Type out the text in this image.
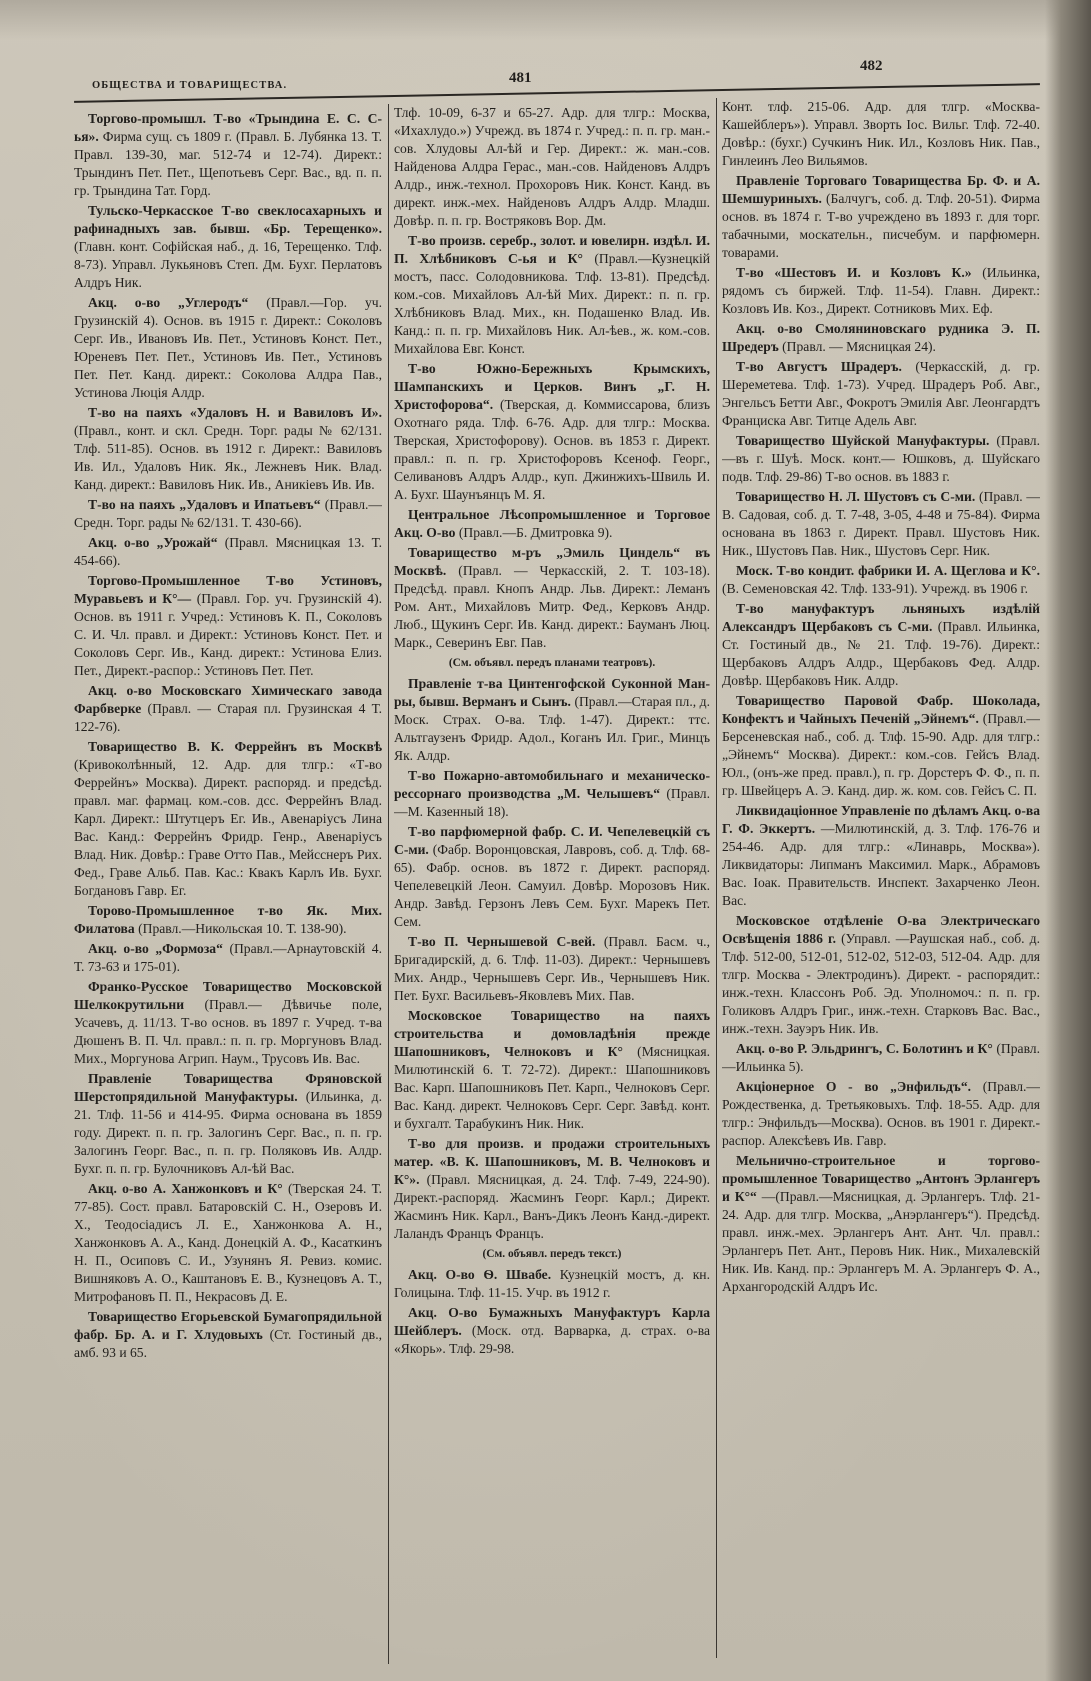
ОБЩЕСТВА И ТОВАРИЩЕСТВА.	481
482

Торгово-промышл. Т-во «Трындина Е. С. С-ья». Фирма сущ. съ 1809 г. (Правл. Б. Лубянка 13. Т. Правл. 139-30, маг. 512-74 и 12-74). Директ.: Трындинъ Пет. Пет., Щепотьевъ Серг. Вас., вд. п. п. гр. Трындина Тат. Горд.

Тульско-Черкасское Т-во свеклосахарныхъ и рафинадныхъ зав. бывш. «Бр. Терещенко». (Главн. конт. Софійская наб., д. 16, Терещенко. Тлф. 8-73). Управл. Лукьяновъ Степ. Дм. Бухг. Перлатовъ Алдръ Ник.

Акц. о-во „Углеродъ“ (Правл.—Гор. уч. Грузинскій 4). Основ. въ 1915 г. Директ.: Соколовъ Серг. Ив., Ивановъ Ив. Пет., Устиновъ Конст. Пет., Юреневъ Пет. Пет., Устиновъ Ив. Пет., Устиновъ Пет. Пет. Канд. директ.: Соколова Алдра Пав., Устинова Люція Алдр.

Т-во на паяхъ «Удаловъ Н. и Вавиловъ И». (Правл., конт. и скл. Средн. Торг. рады № 62/131. Тлф. 511-85). Основ. въ 1912 г. Директ.: Вавиловъ Ив. Ил., Удаловъ Ник. Як., Лежневъ Ник. Влад. Канд. директ.: Вавиловъ Ник. Ив., Аникіевъ Ив. Ив.

Т-во на паяхъ „Удаловъ и Ипатьевъ“ (Правл.—Средн. Торг. рады № 62/131. Т. 430-66).

Акц. о-во „Урожай“ (Правл. Мясницкая 13. Т. 454-66).

Торгово-Промышленное Т-во Устиновъ, Муравьевъ и К°— (Правл. Гор. уч. Грузинскій 4). Основ. въ 1911 г. Учред.: Устиновъ К. П., Соколовъ С. И. Чл. правл. и Директ.: Устиновъ Конст. Пет. и Соколовъ Серг. Ив., Канд. директ.: Устинова Елиз. Пет., Директ.-распор.: Устиновъ Пет. Пет.

Акц. о-во Московскаго Химическаго завода Фарбверке (Правл. — Старая пл. Грузинская 4 Т. 122-76).

Товарищество В. К. Феррейнъ въ Москвѣ (Кривоколѣнный, 12. Адр. для тлгр.: «Т-во Феррейнъ» Москва). Директ. распоряд. и предсѣд. правл. маг. фармац. ком.-сов. дсс. Феррейнъ Влад. Карл. Директ.: Штутцеръ Ег. Ив., Авенаріусъ Лина Вас. Канд.: Феррейнъ Фридр. Генр., Авенаріусъ Влад. Ник. Довѣр.: Граве Отто Пав., Мейсснеръ Рих. Фед., Граве Альб. Пав. Кас.: Квакъ Карлъ Ив. Бухг. Богдановъ Гавр. Ег.

Торово-Промышленное т-во Як. Мих. Филатова (Правл.—Никольская 10. Т. 138-90).

Акц. о-во „Формоза“ (Правл.—Арнаутовскій 4. Т. 73-63 и 175-01).

Франко-Русское Товарищество Московской Шелкокрутильни (Правл.— Дѣвичье поле, Усачевъ, д. 11/13. Т-во основ. въ 1897 г. Учред. т-ва Дюшенъ В. П. Чл. правл.: п. п. гр. Моргуновъ Влад. Мих., Моргунова Агрип. Наум., Трусовъ Ив. Вас.

Правленіе Товарищества Фряновской Шерстопрядильной Мануфактуры. (Ильинка, д. 21. Тлф. 11-56 и 414-95. Фирма основана въ 1859 году. Директ. п. п. гр. Залогинъ Серг. Вас., п. п. гр. Залогинъ Георг. Вас., п. п. гр. Поляковъ Ив. Алдр. Бухг. п. п. гр. Булочниковъ Ал-ѣй Вас.

Акц. о-во А. Ханжонковъ и К° (Тверская 24. Т. 77-85). Сост. правл. Батаровскій С. Н., Озеровъ И. Х., Теодосіадисъ Л. Е., Ханжонкова А. Н., Ханжонковъ А. А., Канд. Донецкій А. Ф., Касаткинъ Н. П., Осиповъ С. И., Узунянъ Я. Ревиз. комис. Вишняковъ А. О., Каштановъ Е. В., Кузнецовъ А. Т., Митрофановъ П. П., Некрасовъ Д. Е.

Товарищество Егорьевской Бумагопрядильной фабр. Бр. А. и Г. Хлудовыхъ (Ст. Гостиный дв., амб. 93 и 65.

Тлф. 10-09, 6-37 и 65-27. Адр. для тлгр.: Москва, «Ихахлудо.») Учрежд. въ 1874 г. Учред.: п. п. гр. ман.-сов. Хлудовы Ал-ѣй и Гер. Директ.: ж. ман.-сов. Найденова Алдра Герас., ман.-сов. Найденовъ Алдръ Алдр., инж.-технол. Прохоровъ Ник. Конст. Канд. въ директ. инж.-мех. Найденовъ Алдръ Алдр. Младш. Довѣр. п. п. гр. Востряковъ Вор. Дм.

Т-во произв. серебр., золот. и ювелирн. издѣл. И. П. Хлѣбниковъ С-ья и К° (Правл.—Кузнецкій мостъ, пасс. Солодовникова. Тлф. 13-81). Предсѣд. ком.-сов. Михайловъ Ал-ѣй Мих. Директ.: п. п. гр. Хлѣбниковъ Влад. Мих., кн. Подашенко Влад. Ив. Канд.: п. п. гр. Михайловъ Ник. Ал-ѣев., ж. ком.-сов. Михайлова Евг. Конст.

Т-во Южно-Бережныхъ Крымскихъ, Шампанскихъ и Церков. Винъ „Г. Н. Христофорова“. (Тверская, д. Коммиссарова, близъ Охотнаго ряда. Тлф. 6-76. Адр. для тлгр.: Москва. Тверская, Христофорову). Основ. въ 1853 г. Директ. правл.: п. п. гр. Христофоровъ Ксеноф. Георг., Селивановъ Алдръ Алдр., куп. Джинжихъ-Швиль И. А. Бухг. Шаунъянцъ М. Я.

Центральное Лѣсопромышленное и Торговое Акц. О-во (Правл.—Б. Дмитровка 9).

Товарищество м-ръ „Эмиль Циндель“ въ Москвѣ. (Правл. — Черкасскій, 2. Т. 103-18). Предсѣд. правл. Кнопъ Андр. Льв. Директ.: Леманъ Ром. Ант., Михайловъ Митр. Фед., Керковъ Андр. Люб., Щукинъ Серг. Ив. Канд. директ.: Бауманъ Люц. Марк., Северинъ Евг. Пав.

(См. объявл. передъ планами театровъ).

Правленіе т-ва Цинтенгофской Суконной Ман-ры, бывш. Верманъ и Сынъ. (Правл.—Старая пл., д. Моск. Страх. О-ва. Тлф. 1-47). Директ.: ттс. Альтгаузенъ Фридр. Адол., Коганъ Ил. Григ., Минцъ Як. Алдр.

Т-во Пожарно-автомобильнаго и механическо-рессорнаго производства „М. Челышевъ“ (Правл.—М. Казенный 18).

Т-во парфюмерной фабр. С. И. Чепелевецкій съ С-ми. (Фабр. Воронцовская, Лавровъ, соб. д. Тлф. 68-65). Фабр. основ. въ 1872 г. Директ. распоряд. Чепелевецкій Леон. Самуил. Довѣр. Морозовъ Ник. Андр. Завѣд. Герзонъ Левъ Сем. Бухг. Марекъ Пет. Сем.

Т-во П. Чернышевой С-вей. (Правл. Басм. ч., Бригадирскій, д. 6. Тлф. 11-03). Директ.: Чернышевъ Мих. Андр., Чернышевъ Серг. Ив., Чернышевъ Ник. Пет. Бухг. Васильевъ-Яковлевъ Мих. Пав.

Московское Товарищество на паяхъ строительства и домовладѣнія прежде Шапошниковъ, Челноковъ и К° (Мясницкая. Милютинскій 6. Т. 72-72). Директ.: Шапошниковъ Вас. Карп. Шапошниковъ Пет. Карп., Челноковъ Серг. Вас. Канд. директ. Челноковъ Серг. Серг. Завѣд. конт. и бухгалт. Тарабукинъ Ник. Ник.

Т-во для произв. и продажи строительныхъ матер. «В. К. Шапошниковъ, М. В. Челноковъ и К°». (Правл. Мясницкая, д. 24. Тлф. 7-49, 224-90). Директ.-распоряд. Жасминъ Георг. Карл.; Директ. Жасминъ Ник. Карл., Ванъ-Дикъ Леонъ Канд.-директ. Лаландъ Францъ Францъ.

(См. объявл. передъ текст.)

Акц. О-во Ѳ. Швабе. Кузнецкій мостъ, д. кн. Голицына. Тлф. 11-15. Учр. въ 1912 г.

Акц. О-во Бумажныхъ Мануфактуръ Карла Шейблеръ. (Моск. отд. Варварка, д. страх. о-ва «Якорь». Тлф. 29-98.

Конт. тлф. 215-06. Адр. для тлгр. «Москва-Кашейблеръ»). Управл. Зворть Іос. Вильг. Тлф. 72-40. Довѣр.: (бухг.) Сучкинъ Ник. Ил., Козловъ Ник. Пав., Гинлеинъ Лео Вильямов.

Правленіе Торговаго Товарищества Бр. Ф. и А. Шемшуриныхъ. (Балчугъ, соб. д. Тлф. 20-51). Фирма основ. въ 1874 г. Т-во учреждено въ 1893 г. для торг. табачными, москательн., писчебум. и парфюмерн. товарами.

Т-во «Шестовъ И. и Козловъ К.» (Ильинка, рядомъ съ биржей. Тлф. 11-54). Главн. Директ.: Козловъ Ив. Коз., Директ. Сотниковъ Мих. Еф.

Акц. о-во Смоляниновскаго рудника Э. П. Шредеръ (Правл. — Мясницкая 24).

Т-во Августъ Шрадеръ. (Черкасскій, д. гр. Шереметева. Тлф. 1-73). Учред. Шрадеръ Роб. Авг., Энгельсъ Бетти Авг., Фокротъ Эмилія Авг. Леонгардтъ Франциска Авг. Титце Адель Авг.

Товарищество Шуйской Мануфактуры. (Правл.—въ г. Шуѣ. Моск. конт.— Юшковъ, д. Шуйскаго подв. Тлф. 29-86) Т-во основ. въ 1883 г.

Товарищество Н. Л. Шустовъ съ С-ми. (Правл. — В. Садовая, соб. д. Т. 7-48, 3-05, 4-48 и 75-84). Фирма основана въ 1863 г. Директ. Правл. Шустовъ Ник. Ник., Шустовъ Пав. Ник., Шустовъ Серг. Ник.

Моск. Т-во кондит. фабрики И. А. Щеглова и К°. (В. Семеновская 42. Тлф. 133-91). Учрежд. въ 1906 г.

Т-во мануфактуръ льняныхъ издѣлій Александръ Щербаковъ съ С-ми. (Правл. Ильинка, Ст. Гостиный дв., № 21. Тлф. 19-76). Директ.: Щербаковъ Алдръ Алдр., Щербаковъ Фед. Алдр. Довѣр. Щербаковъ Ник. Алдр.

Товарищество Паровой Фабр. Шоколада, Конфектъ и Чайныхъ Печеній „Эйнемъ“. (Правл.—Берсеневская наб., соб. д. Тлф. 15-90. Адр. для тлгр.: „Эйнемъ“ Москва). Директ.: ком.-сов. Гейсъ Влад. Юл., (онъ-же пред. правл.), п. гр. Дорстеръ Ф. Ф., п. п. гр. Швейцеръ А. Э. Канд. дир. ж. ком. сов. Гейсъ С. П.

Ликвидаціонное Управленіе по дѣламъ Акц. о-ва Г. Ф. Эккертъ. —Милютинскій, д. 3. Тлф. 176-76 и 254-46. Адр. для тлгр.: «Линаврь, Москва»). Ликвидаторы: Липманъ Максимил. Марк., Абрамовъ Вас. Іоак. Правительств. Инспект. Захарченко Леон. Вас.

Московское отдѣленіе О-ва Электрическаго Освѣщенія 1886 г. (Управл. —Раушская наб., соб. д. Тлф. 512-00, 512-01, 512-02, 512-03, 512-04. Адр. для тлгр. Москва - Электродинъ). Директ. - распорядит.: инж.-техн. Классонъ Роб. Эд. Уполномоч.: п. п. гр. Голиковъ Алдръ Григ., инж.-техн. Старковъ Вас. Вас., инж.-техн. Зауэръ Ник. Ив.

Акц. о-во Р. Эльдрингъ, С. Болотинъ и К° (Правл.—Ильинка 5).

Акціонерное О - во „Энфильдъ“. (Правл.—Рождественка, д. Третьяковыхъ. Тлф. 18-55. Адр. для тлгр.: Энфильдъ—Москва). Основ. въ 1901 г. Директ.-распор. Алексѣевъ Ив. Гавр.

Мельнично-строительное и торгово-промышленное Товарищество „Антонъ Эрлангеръ и К°“ —(Правл.—Мясницкая, д. Эрлангеръ. Тлф. 21-24. Адр. для тлгр. Москва, „Анэрлангеръ“). Предсѣд. правл. инж.-мех. Эрлангеръ Ант. Ант. Чл. правл.: Эрлангеръ Пет. Ант., Перовъ Ник. Ник., Михалевскій Ник. Ив. Канд. пр.: Эрлангеръ М. А. Эрлангеръ Ф. А., Архангородскій Алдръ Ис.
